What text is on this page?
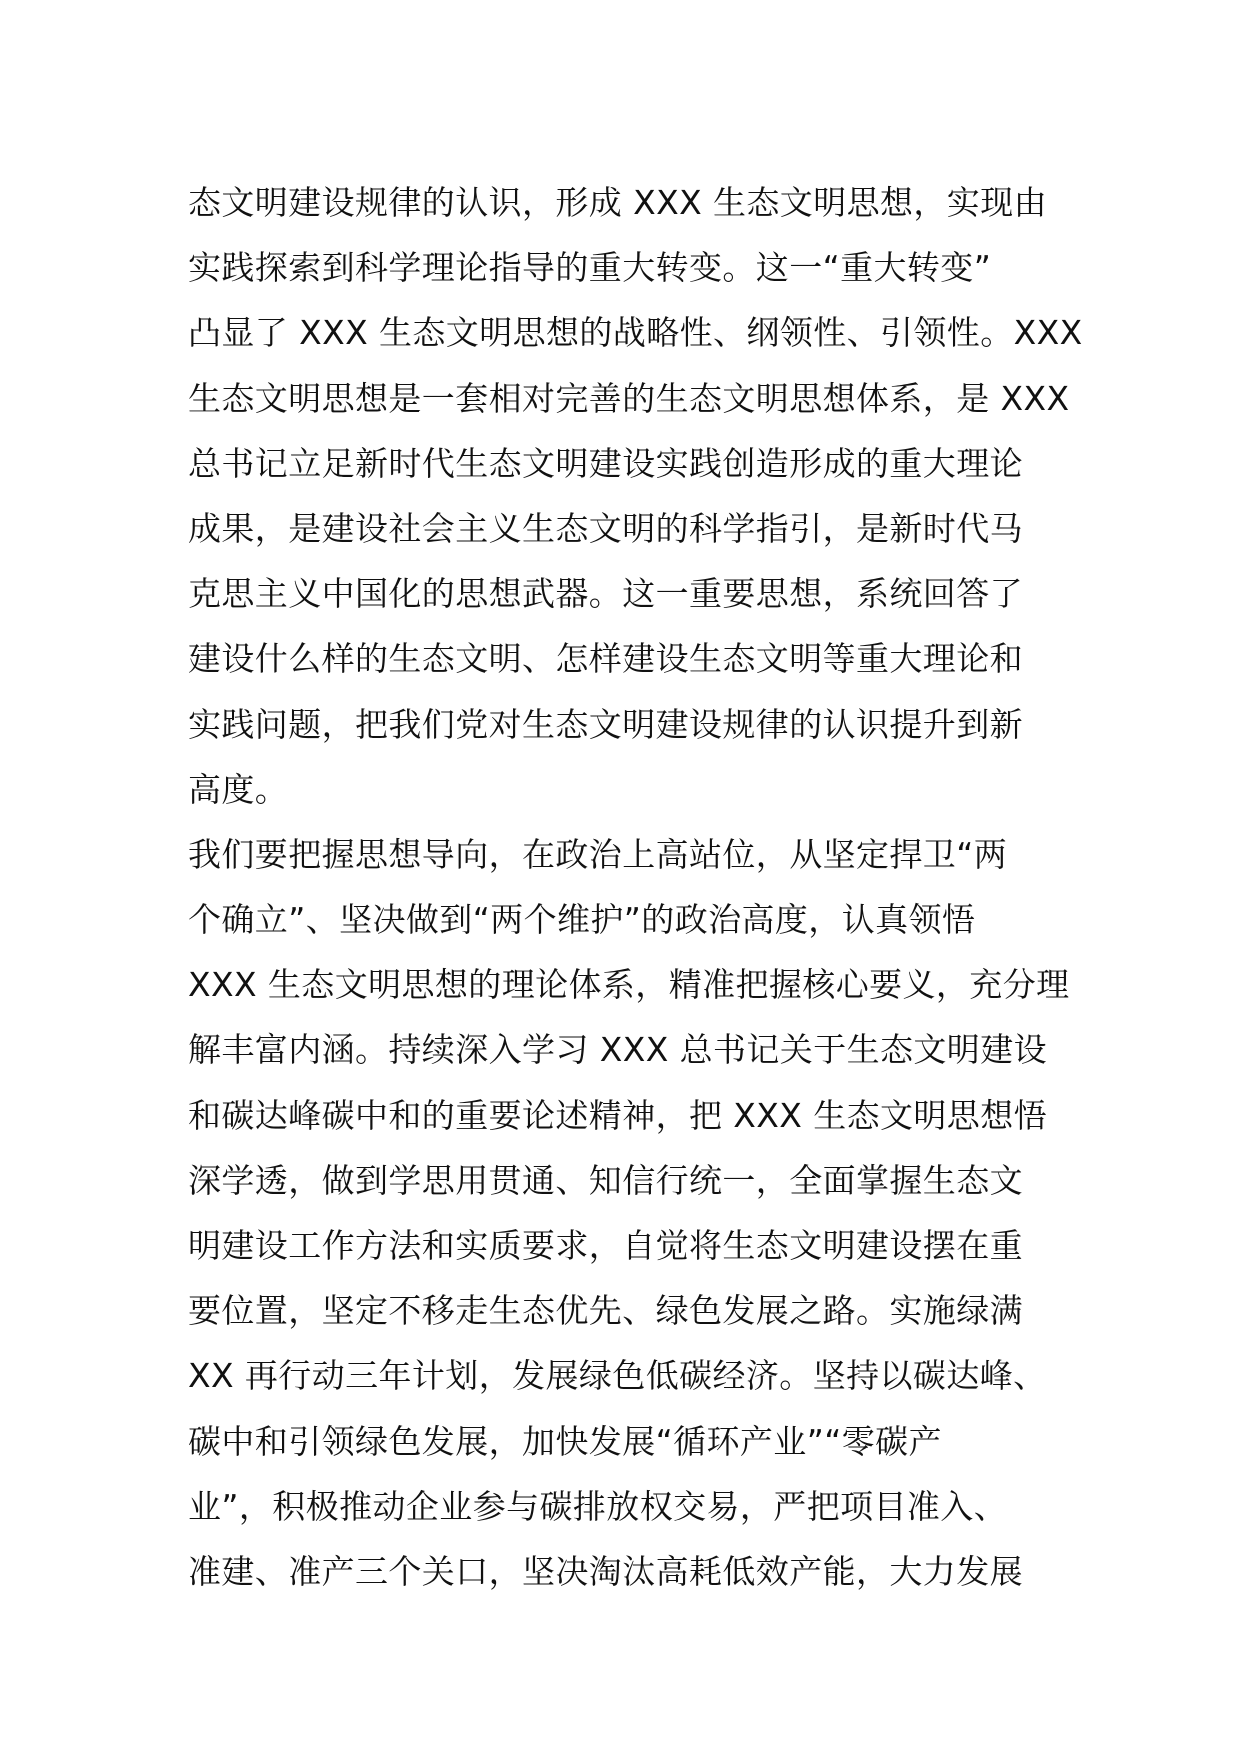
态文明建设规律的认识，形成 XXX 生态文明思想，实现由
实践探索到科学理论指导的重大转变。这一“重大转变”
凸显了 XXX 生态文明思想的战略性、纲领性、引领性。XXX
生态文明思想是一套相对完善的生态文明思想体系，是 XXX
总书记立足新时代生态文明建设实践创造形成的重大理论
成果，是建设社会主义生态文明的科学指引，是新时代马
克思主义中国化的思想武器。这一重要思想，系统回答了
建设什么样的生态文明、怎样建设生态文明等重大理论和
实践问题，把我们党对生态文明建设规律的认识提升到新
高度。
我们要把握思想导向，在政治上高站位，从坚定捍卫“两
个确立”、坚决做到“两个维护”的政治高度，认真领悟
XXX 生态文明思想的理论体系，精准把握核心要义，充分理
解丰富内涵。持续深入学习 XXX 总书记关于生态文明建设
和碳达峰碳中和的重要论述精神，把 XXX 生态文明思想悟
深学透，做到学思用贯通、知信行统一，全面掌握生态文
明建设工作方法和实质要求，自觉将生态文明建设摆在重
要位置，坚定不移走生态优先、绿色发展之路。实施绿满
XX 再行动三年计划，发展绿色低碳经济。坚持以碳达峰、
碳中和引领绿色发展，加快发展“循环产业”“零碳产
业”，积极推动企业参与碳排放权交易，严把项目准入、
准建、准产三个关口，坚决淘汰高耗低效产能，大力发展
